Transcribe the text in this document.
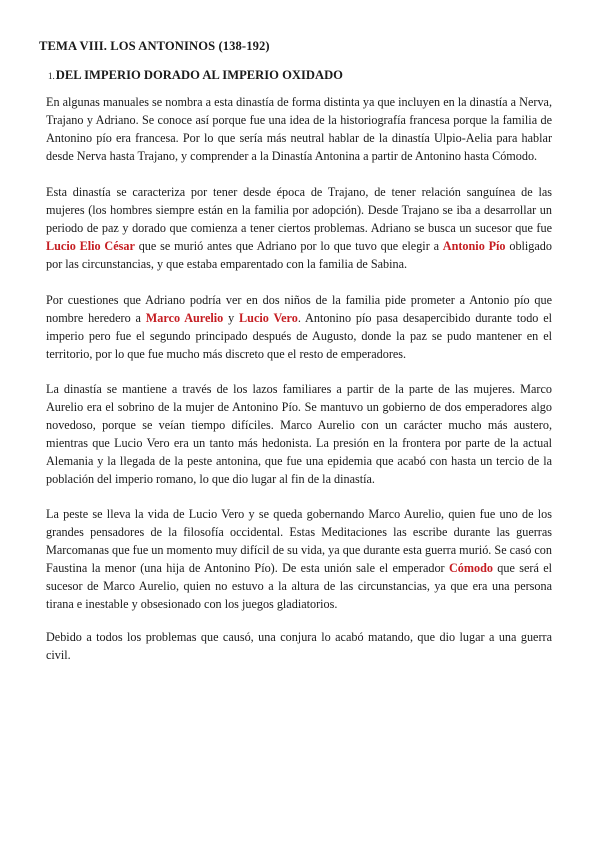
TEMA VIII. LOS ANTONINOS (138-192)
1.DEL IMPERIO DORADO AL IMPERIO OXIDADO

En algunas manuales se nombra a esta dinastía de forma distinta ya que incluyen en la dinastía a Nerva, Trajano y Adriano. Se conoce así porque fue una idea de la historiografía francesa porque la familia de Antonino pío era francesa. Por lo que sería más neutral hablar de la dinastía Ulpio-Aelia para hablar desde Nerva hasta Trajano, y comprender a la Dinastía Antonina a partir de Antonino hasta Cómodo.

Esta dinastía se caracteriza por tener desde época de Trajano, de tener relación sanguínea de las mujeres (los hombres siempre están en la familia por adopción). Desde Trajano se iba a desarrollar un periodo de paz y dorado que comienza a tener ciertos problemas. Adriano se busca un sucesor que fue Lucio Elio César que se murió antes que Adriano por lo que tuvo que elegir a Antonio Pío obligado por las circunstancias, y que estaba emparentado con la familia de Sabina.

Por cuestiones que Adriano podría ver en dos niños de la familia pide prometer a Antonio pío que nombre heredero a Marco Aurelio y Lucio Vero. Antonino pío pasa desapercibido durante todo el imperio pero fue el segundo principado después de Augusto, donde la paz se pudo mantener en el territorio, por lo que fue mucho más discreto que el resto de emperadores.

La dinastía se mantiene a través de los lazos familiares a partir de la parte de las mujeres. Marco Aurelio era el sobrino de la mujer de Antonino Pío. Se mantuvo un gobierno de dos emperadores algo novedoso, porque se veían tiempo difíciles. Marco Aurelio con un carácter mucho más austero, mientras que Lucio Vero era un tanto más hedonista. La presión en la frontera por parte de la actual Alemania y la llegada de la peste antonina, que fue una epidemia que acabó con hasta un tercio de la población del imperio romano, lo que dio lugar al fin de la dinastía.

La peste se lleva la vida de Lucio Vero y se queda gobernando Marco Aurelio, quien fue uno de los grandes pensadores de la filosofía occidental. Estas Meditaciones las escribe durante las guerras Marcomanas que fue un momento muy difícil de su vida, ya que durante esta guerra murió. Se casó con Faustina la menor (una hija de Antonino Pío). De esta unión sale el emperador Cómodo que será el sucesor de Marco Aurelio, quien no estuvo a la altura de las circunstancias, ya que era una persona tirana e inestable y obsesionado con los juegos gladiatorios.

Debido a todos los problemas que causó, una conjura lo acabó matando, que dio lugar a una guerra civil.
